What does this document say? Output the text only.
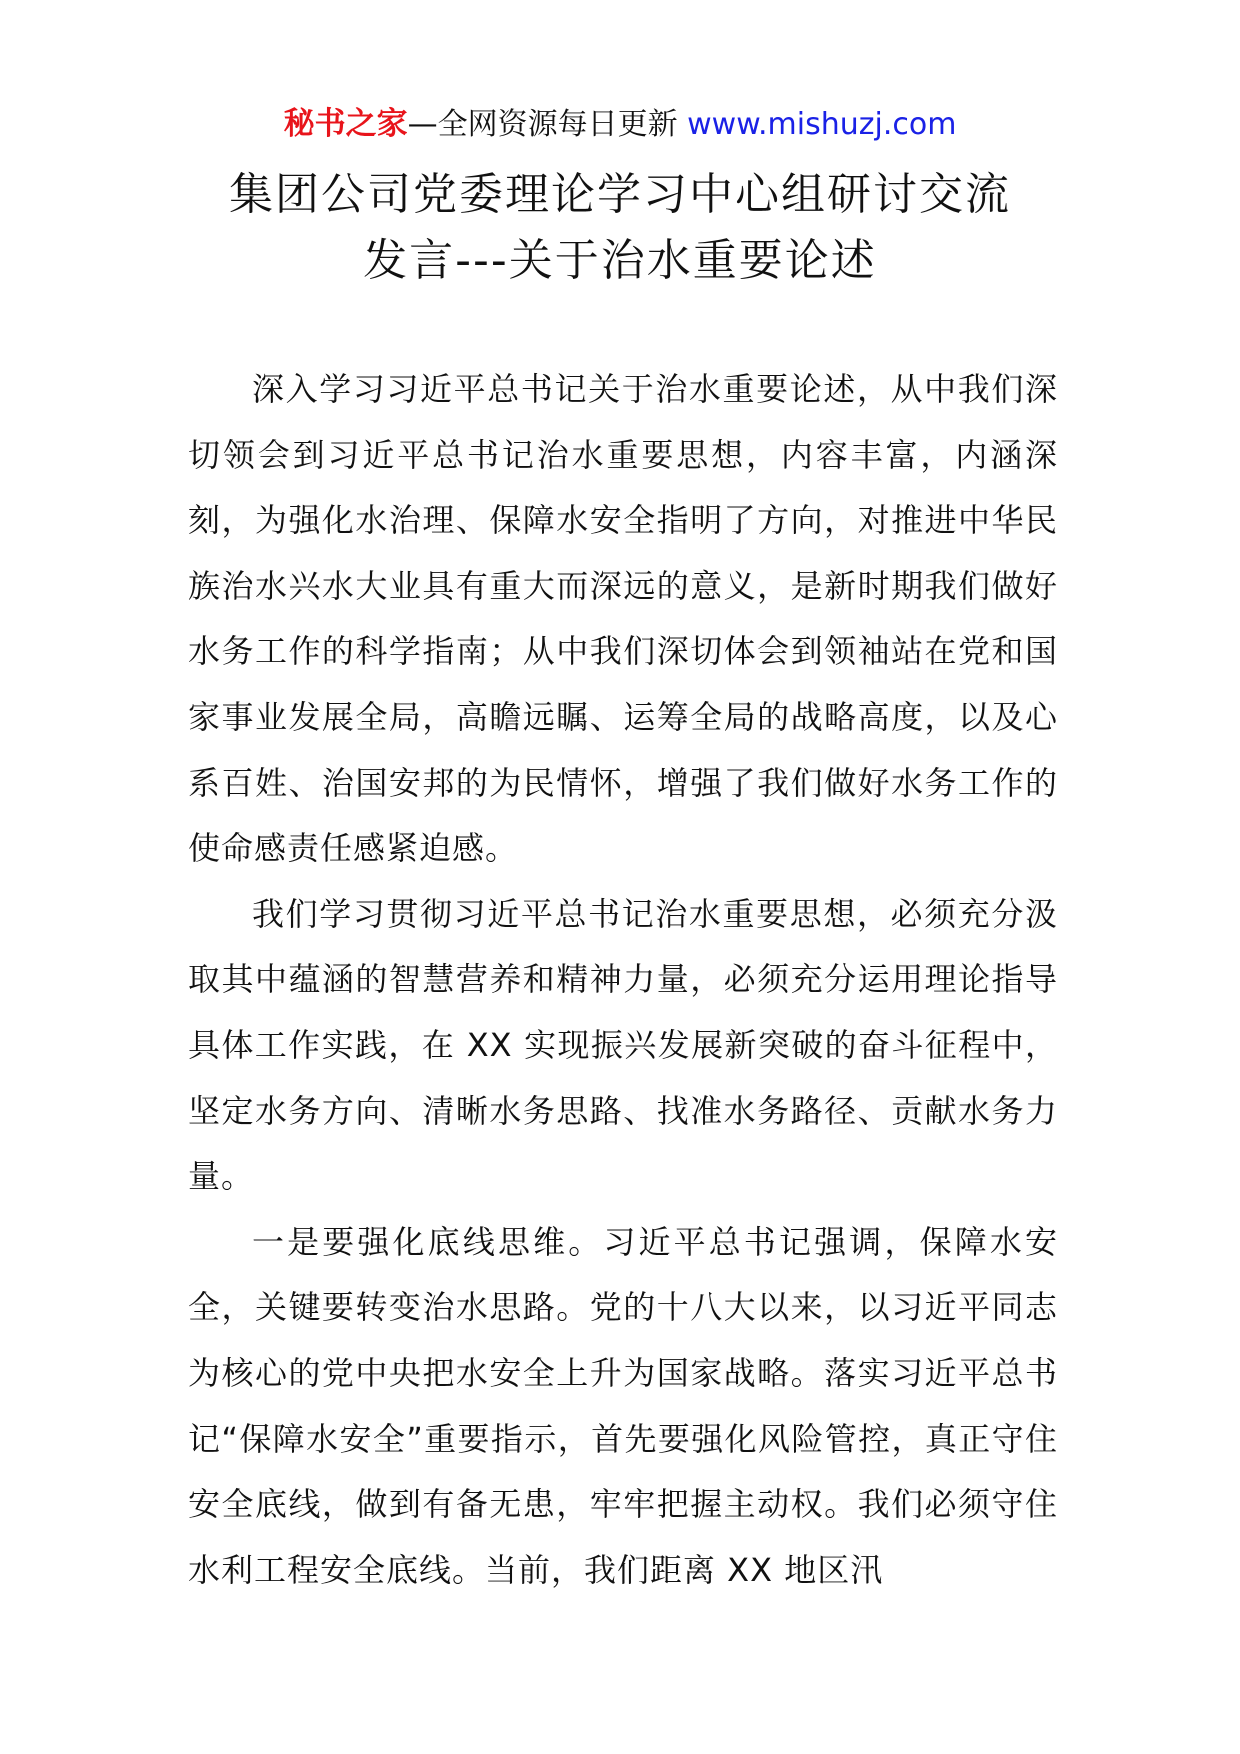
秘书之家—全网资源每日更新 www.mishuzj.com
集团公司党委理论学习中心组研讨交流
发言---关于治水重要论述

深入学习习近平总书记关于治水重要论述，从中我们深切领会到习近平总书记治水重要思想，内容丰富，内涵深刻，为强化水治理、保障水安全指明了方向，对推进中华民族治水兴水大业具有重大而深远的意义，是新时期我们做好水务工作的科学指南；从中我们深切体会到领袖站在党和国家事业发展全局，高瞻远瞩、运筹全局的战略高度，以及心系百姓、治国安邦的为民情怀，增强了我们做好水务工作的使命感责任感紧迫感。

我们学习贯彻习近平总书记治水重要思想，必须充分汲取其中蕴涵的智慧营养和精神力量，必须充分运用理论指导具体工作实践，在 XX 实现振兴发展新突破的奋斗征程中，坚定水务方向、清晰水务思路、找准水务路径、贡献水务力量。

一是要强化底线思维。习近平总书记强调，保障水安全，关键要转变治水思路。党的十八大以来，以习近平同志为核心的党中央把水安全上升为国家战略。落实习近平总书记“保障水安全”重要指示，首先要强化风险管控，真正守住安全底线，做到有备无患，牢牢把握主动权。我们必须守住水利工程安全底线。当前，我们距离 XX 地区汛
